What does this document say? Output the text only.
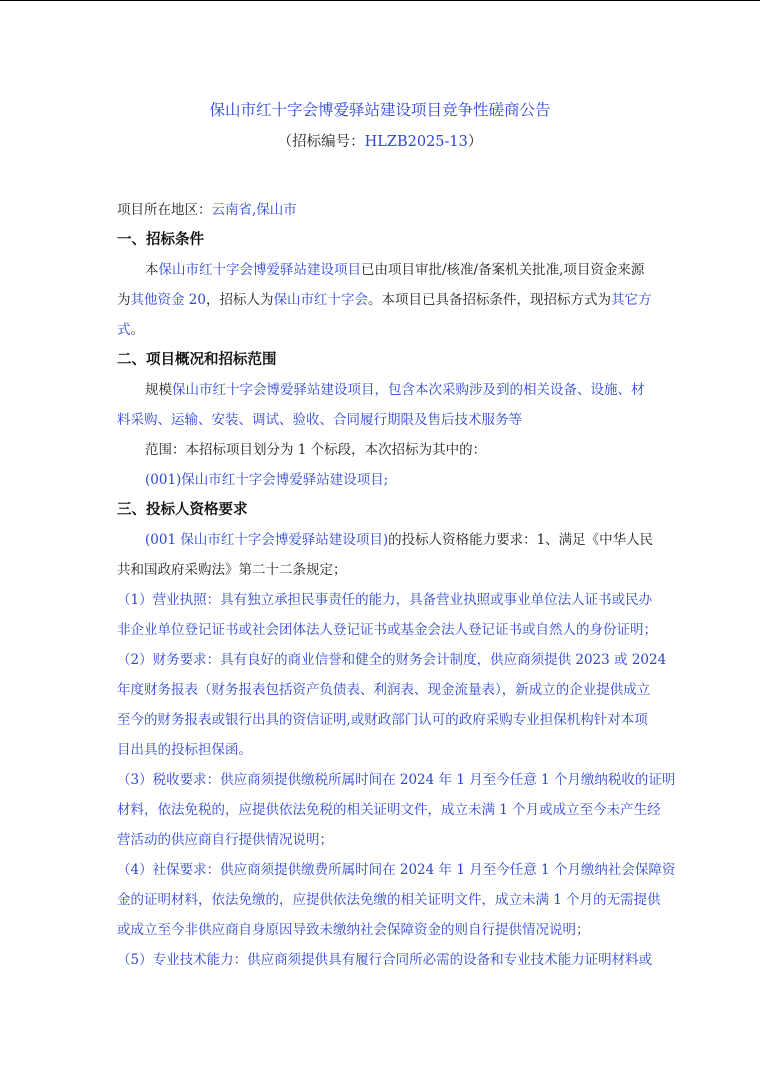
保山市红十字会博爱驿站建设项目竞争性磋商公告
（招标编号：HLZB2025-13）
项目所在地区：云南省,保山市
一、招标条件
本保山市红十字会博爱驿站建设项目已由项目审批/核准/备案机关批准,项目资金来源
为其他资金 20，招标人为保山市红十字会。本项目已具备招标条件，现招标方式为其它方
式。
二、项目概况和招标范围
规模保山市红十字会博爱驿站建设项目，包含本次采购涉及到的相关设备、设施、材
料采购、运输、安装、调试、验收、合同履行期限及售后技术服务等
范围：本招标项目划分为 1 个标段，本次招标为其中的：
(001)保山市红十字会博爱驿站建设项目;
三、投标人资格要求
(001 保山市红十字会博爱驿站建设项目)的投标人资格能力要求：1、满足《中华人民
共和国政府采购法》第二十二条规定；
（1）营业执照：具有独立承担民事责任的能力，具备营业执照或事业单位法人证书或民办
非企业单位登记证书或社会团体法人登记证书或基金会法人登记证书或自然人的身份证明；
（2）财务要求：具有良好的商业信誉和健全的财务会计制度，供应商须提供 2023 或 2024
年度财务报表（财务报表包括资产负债表、利润表、现金流量表），新成立的企业提供成立
至今的财务报表或银行出具的资信证明,或财政部门认可的政府采购专业担保机构针对本项
目出具的投标担保函。
（3）税收要求：供应商须提供缴税所属时间在 2024 年 1 月至今任意 1 个月缴纳税收的证明
材料，依法免税的，应提供依法免税的相关证明文件，成立未满 1 个月或成立至今未产生经
营活动的供应商自行提供情况说明；
（4）社保要求：供应商须提供缴费所属时间在 2024 年 1 月至今任意 1 个月缴纳社会保障资
金的证明材料，依法免缴的，应提供依法免缴的相关证明文件，成立未满 1 个月的无需提供
或成立至今非供应商自身原因导致未缴纳社会保障资金的则自行提供情况说明；
（5）专业技术能力：供应商须提供具有履行合同所必需的设备和专业技术能力证明材料或
